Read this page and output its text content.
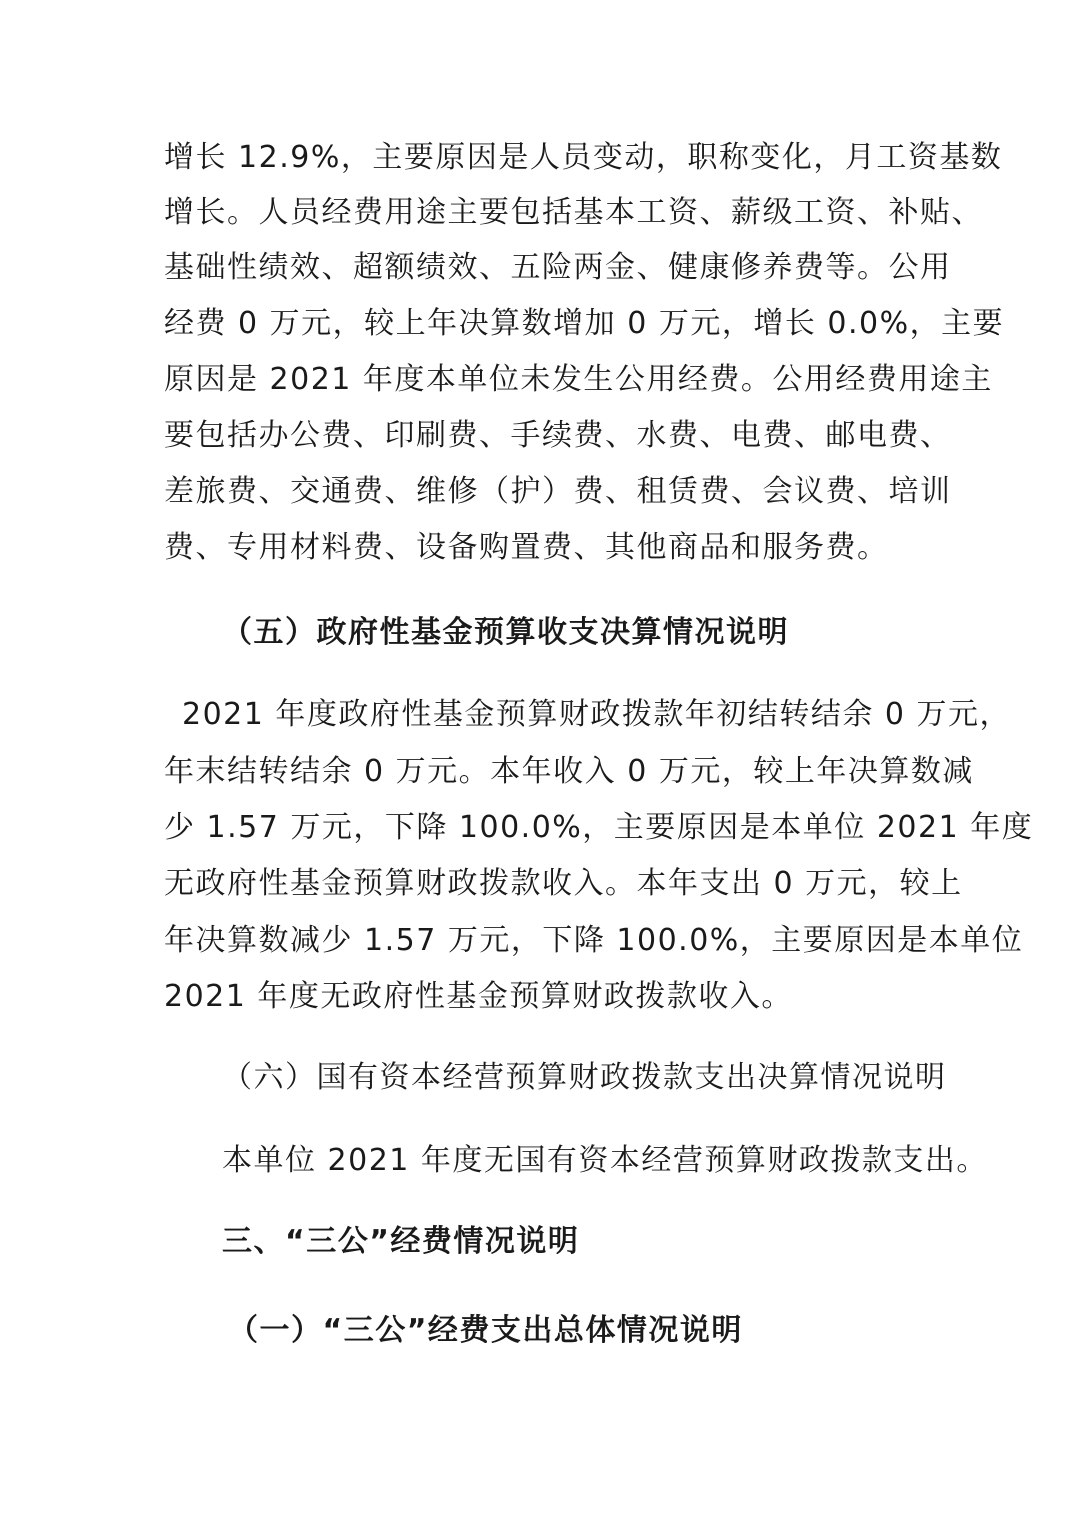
增长 12.9%，主要原因是人员变动，职称变化，月工资基数
增长。人员经费用途主要包括基本工资、薪级工资、补贴、
基础性绩效、超额绩效、五险两金、健康修养费等。公用
经费 0 万元，较上年决算数增加 0 万元，增长 0.0%，主要
原因是 2021 年度本单位未发生公用经费。公用经费用途主
要包括办公费、印刷费、手续费、水费、电费、邮电费、
差旅费、交通费、维修（护）费、租赁费、会议费、培训
费、专用材料费、设备购置费、其他商品和服务费。
（五）政府性基金预算收支决算情况说明
2021 年度政府性基金预算财政拨款年初结转结余 0 万元，
年末结转结余 0 万元。本年收入 0 万元，较上年决算数减
少 1.57 万元，下降 100.0%，主要原因是本单位 2021 年度
无政府性基金预算财政拨款收入。本年支出 0 万元，较上
年决算数减少 1.57 万元，下降 100.0%，主要原因是本单位
2021 年度无政府性基金预算财政拨款收入。
（六）国有资本经营预算财政拨款支出决算情况说明
本单位 2021 年度无国有资本经营预算财政拨款支出。
三、“三公”经费情况说明
（一）“三公”经费支出总体情况说明
